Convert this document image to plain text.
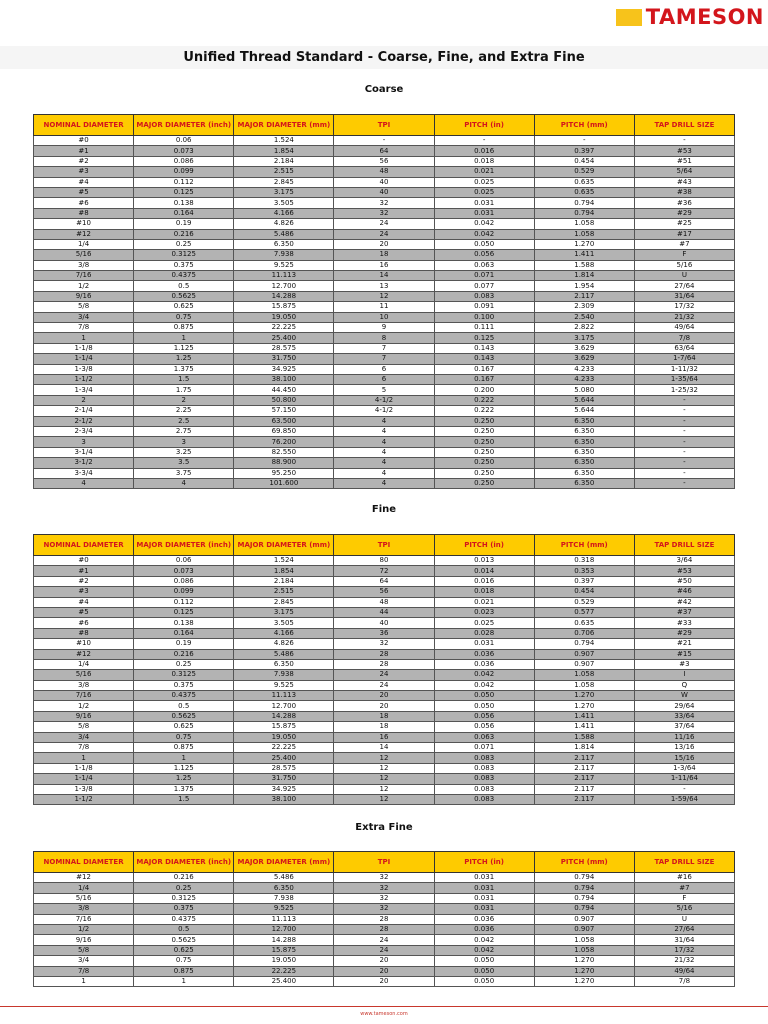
TAMESON
Unified Thread Standard - Coarse, Fine, and Extra Fine
Coarse
NOMINAL DIAMETER	MAJOR DIAMETER (inch)	MAJOR DIAMETER (mm)	TPI	PITCH (in)	PITCH (mm)	TAP DRILL SIZE
#0	0.06	1.524	-	-	-	-
#1	0.073	1.854	64	0.016	0.397	#53
#2	0.086	2.184	56	0.018	0.454	#51
#3	0.099	2.515	48	0.021	0.529	5/64
#4	0.112	2.845	40	0.025	0.635	#43
#5	0.125	3.175	40	0.025	0.635	#38
#6	0.138	3.505	32	0.031	0.794	#36
#8	0.164	4.166	32	0.031	0.794	#29
#10	0.19	4.826	24	0.042	1.058	#25
#12	0.216	5.486	24	0.042	1.058	#17
1/4	0.25	6.350	20	0.050	1.270	#7
5/16	0.3125	7.938	18	0.056	1.411	F
3/8	0.375	9.525	16	0.063	1.588	5/16
7/16	0.4375	11.113	14	0.071	1.814	U
1/2	0.5	12.700	13	0.077	1.954	27/64
9/16	0.5625	14.288	12	0.083	2.117	31/64
5/8	0.625	15.875	11	0.091	2.309	17/32
3/4	0.75	19.050	10	0.100	2.540	21/32
7/8	0.875	22.225	9	0.111	2.822	49/64
1	1	25.400	8	0.125	3.175	7/8
1-1/8	1.125	28.575	7	0.143	3.629	63/64
1-1/4	1.25	31.750	7	0.143	3.629	1-7/64
1-3/8	1.375	34.925	6	0.167	4.233	1-11/32
1-1/2	1.5	38.100	6	0.167	4.233	1-35/64
1-3/4	1.75	44.450	5	0.200	5.080	1-25/32
2	2	50.800	4-1/2	0.222	5.644	-
2-1/4	2.25	57.150	4-1/2	0.222	5.644	-
2-1/2	2.5	63.500	4	0.250	6.350	-
2-3/4	2.75	69.850	4	0.250	6.350	-
3	3	76.200	4	0.250	6.350	-
3-1/4	3.25	82.550	4	0.250	6.350	-
3-1/2	3.5	88.900	4	0.250	6.350	-
3-3/4	3.75	95.250	4	0.250	6.350	-
4	4	101.600	4	0.250	6.350	-
Fine
NOMINAL DIAMETER	MAJOR DIAMETER (inch)	MAJOR DIAMETER (mm)	TPI	PITCH (in)	PITCH (mm)	TAP DRILL SIZE
#0	0.06	1.524	80	0.013	0.318	3/64
#1	0.073	1.854	72	0.014	0.353	#53
#2	0.086	2.184	64	0.016	0.397	#50
#3	0.099	2.515	56	0.018	0.454	#46
#4	0.112	2.845	48	0.021	0.529	#42
#5	0.125	3.175	44	0.023	0.577	#37
#6	0.138	3.505	40	0.025	0.635	#33
#8	0.164	4.166	36	0.028	0.706	#29
#10	0.19	4.826	32	0.031	0.794	#21
#12	0.216	5.486	28	0.036	0.907	#15
1/4	0.25	6.350	28	0.036	0.907	#3
5/16	0.3125	7.938	24	0.042	1.058	I
3/8	0.375	9.525	24	0.042	1.058	Q
7/16	0.4375	11.113	20	0.050	1.270	W
1/2	0.5	12.700	20	0.050	1.270	29/64
9/16	0.5625	14.288	18	0.056	1.411	33/64
5/8	0.625	15.875	18	0.056	1.411	37/64
3/4	0.75	19.050	16	0.063	1.588	11/16
7/8	0.875	22.225	14	0.071	1.814	13/16
1	1	25.400	12	0.083	2.117	15/16
1-1/8	1.125	28.575	12	0.083	2.117	1-3/64
1-1/4	1.25	31.750	12	0.083	2.117	1-11/64
1-3/8	1.375	34.925	12	0.083	2.117	-
1-1/2	1.5	38.100	12	0.083	2.117	1-59/64
Extra Fine
NOMINAL DIAMETER	MAJOR DIAMETER (inch)	MAJOR DIAMETER (mm)	TPI	PITCH (in)	PITCH (mm)	TAP DRILL SIZE
#12	0.216	5.486	32	0.031	0.794	#16
1/4	0.25	6.350	32	0.031	0.794	#7
5/16	0.3125	7.938	32	0.031	0.794	F
3/8	0.375	9.525	32	0.031	0.794	5/16
7/16	0.4375	11.113	28	0.036	0.907	U
1/2	0.5	12.700	28	0.036	0.907	27/64
9/16	0.5625	14.288	24	0.042	1.058	31/64
5/8	0.625	15.875	24	0.042	1.058	17/32
3/4	0.75	19.050	20	0.050	1.270	21/32
7/8	0.875	22.225	20	0.050	1.270	49/64
1	1	25.400	20	0.050	1.270	7/8
www.tameson.com
